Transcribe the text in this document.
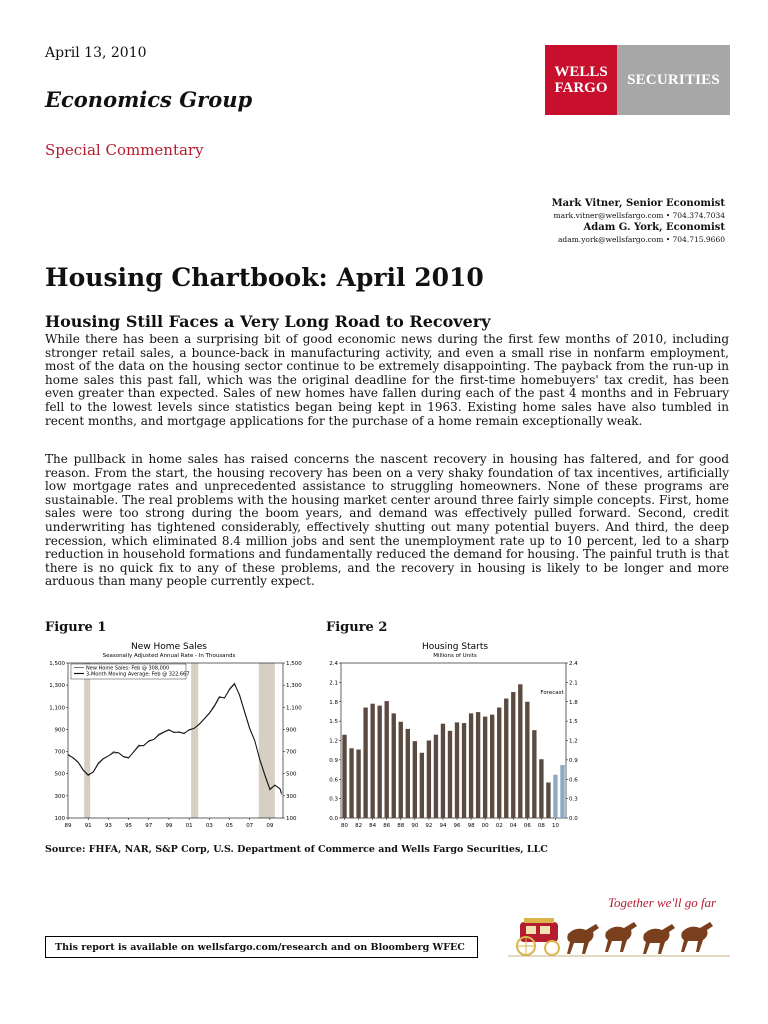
April 13, 2010
Economics Group
Special Commentary
WELLS
FARGO
SECURITIES
Mark Vitner, Senior Economist
mark.vitner@wellsfargo.com • 704.374.7034
Adam G. York, Economist
adam.york@wellsfargo.com • 704.715.9660
Housing Chartbook: April 2010
Housing Still Faces a Very Long Road to Recovery

While there has been a surprising bit of good economic news during the first few months of 2010, including stronger retail sales, a bounce-back in manufacturing activity, and even a small rise in nonfarm employment, most of the data on the housing sector continue to be extremely disappointing. The payback from the run-up in home sales this past fall, which was the original deadline for the first-time homebuyers' tax credit, has been even greater than expected. Sales of new homes have fallen during each of the past 4 months and in February fell to the lowest levels since statistics began being kept in 1963. Existing home sales have also tumbled in recent months, and mortgage applications for the purchase of a home remain exceptionally weak.

The pullback in home sales has raised concerns the nascent recovery in housing has faltered, and for good reason. From the start, the housing recovery has been on a very shaky foundation of tax incentives, artificially low mortgage rates and unprecedented assistance to struggling homeowners. None of these programs are sustainable. The real problems with the housing market center around three fairly simple concepts. First, home sales were too strong during the boom years, and demand was effectively pulled forward. Second, credit underwriting has tightened considerably, effectively shutting out many potential buyers. And third, the deep recession, which eliminated 8.4 million jobs and sent the unemployment rate up to 10 percent, led to a sharp reduction in household formations and fundamentally reduced the demand for housing. The painful truth is that there is no quick fix to any of these problems, and the recovery in housing is likely to be longer and more arduous than many people currently expect.

Figure 1	Figure 2
New Home Sales
Seasonally Adjusted Annual Rate - In Thousands
100	100
300	300
500	500
700	700
900	900
1,100	1,100
1,300	1,300
1,500	1,500
89 91 93 95 97 99 01 03 05 07 09
New Home Sales: Feb @ 308,000
3-Month Moving Average: Feb @ 322,667
Housing Starts
Millions of Units
Forecast
0.0	0.0
0.3	0.3
0.6	0.6
0.9	0.9
1.2	1.2
1.5	1.5
1.8	1.8
2.1	2.1
2.4	2.4
80 82 84 86 88 90 92 94 96 98 00 02 04 06 08 10
Source: FHFA, NAR, S&P Corp, U.S. Department of Commerce and Wells Fargo Securities, LLC
Together we'll go far
This report is available on wellsfargo.com/research and on Bloomberg WFEC
